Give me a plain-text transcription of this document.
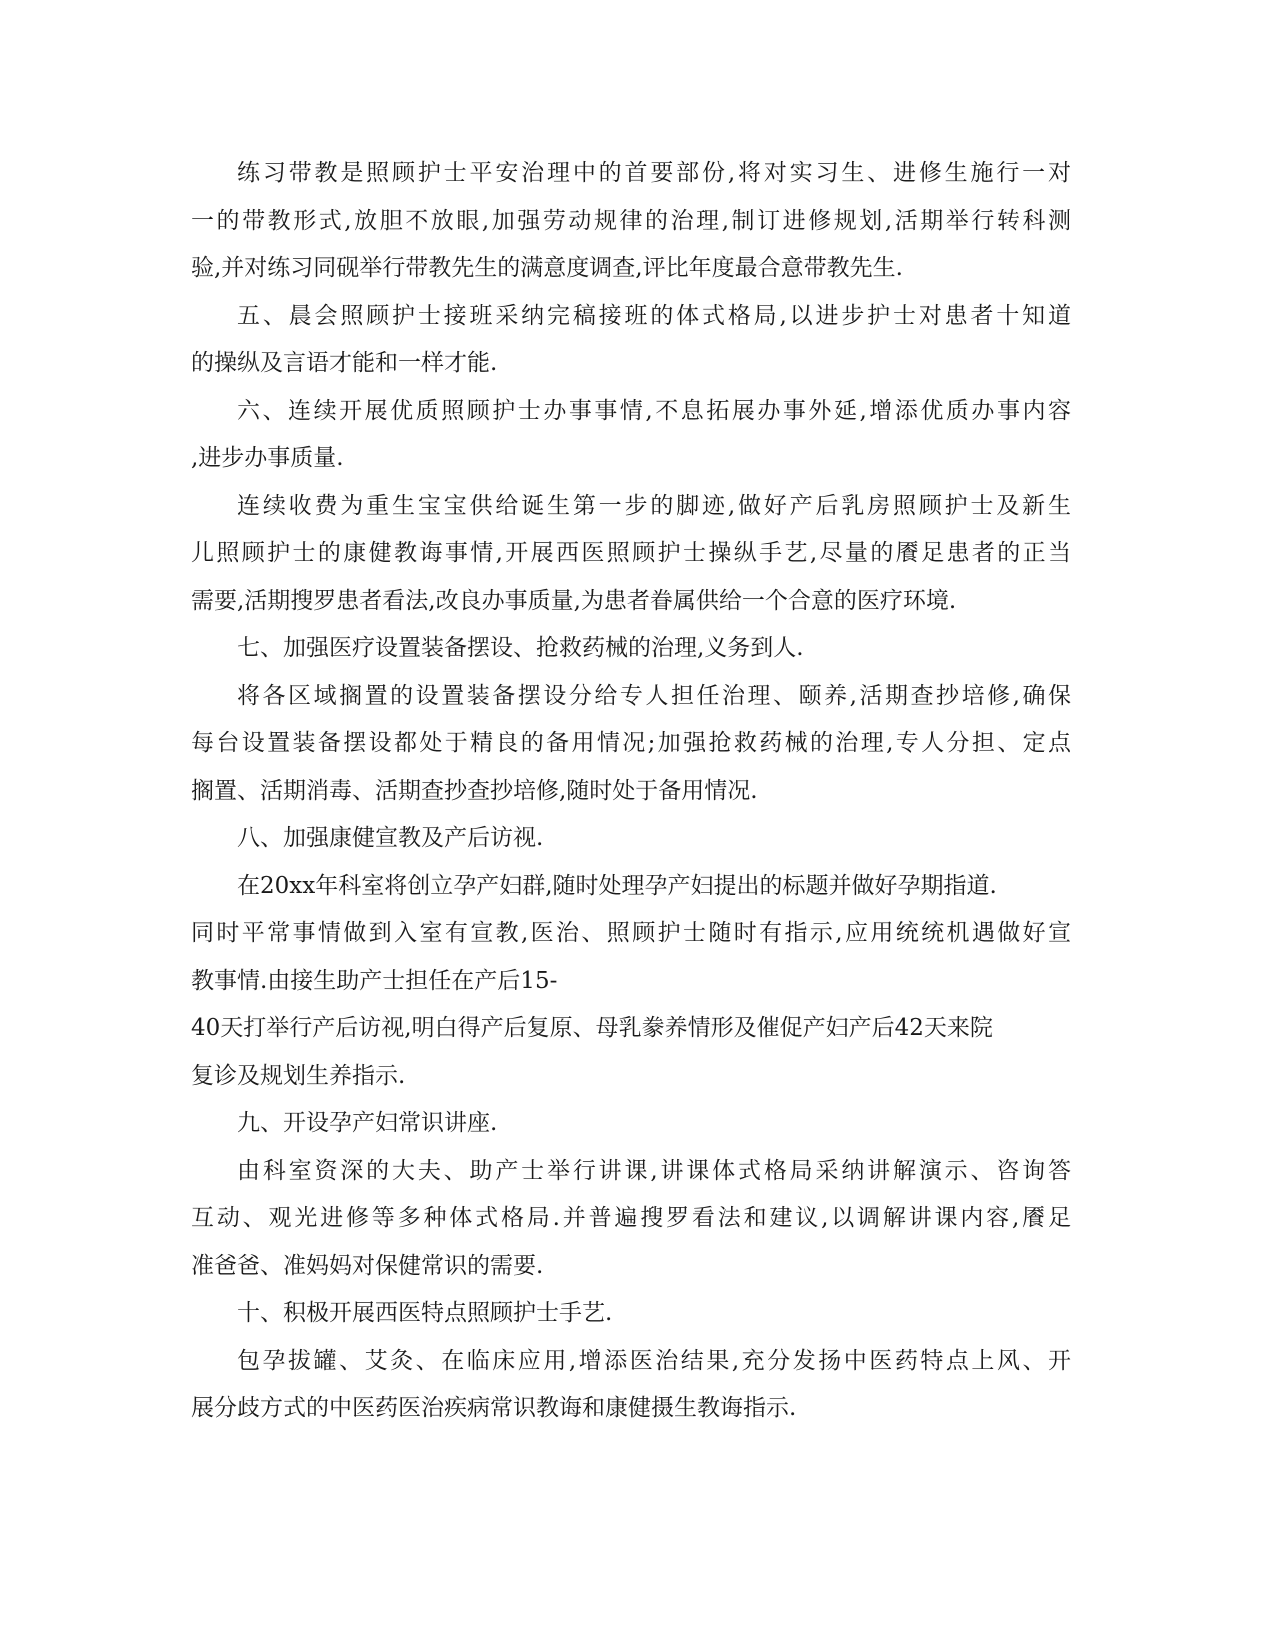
练习带教是照顾护士平安治理中的首要部份,将对实习生、进修生施行一对
一的带教形式,放胆不放眼,加强劳动规律的治理,制订进修规划,活期举行转科测
验,并对练习同砚举行带教先生的满意度调查,评比年度最合意带教先生.
五、晨会照顾护士接班采纳完稿接班的体式格局,以进步护士对患者十知道
的操纵及言语才能和一样才能.
六、连续开展优质照顾护士办事事情,不息拓展办事外延,增添优质办事内容
,进步办事质量.
连续收费为重生宝宝供给诞生第一步的脚迹,做好产后乳房照顾护士及新生
儿照顾护士的康健教诲事情,开展西医照顾护士操纵手艺,尽量的餍足患者的正当
需要,活期搜罗患者看法,改良办事质量,为患者眷属供给一个合意的医疗环境.
七、加强医疗设置装备摆设、抢救药械的治理,义务到人.
将各区域搁置的设置装备摆设分给专人担任治理、颐养,活期查抄培修,确保
每台设置装备摆设都处于精良的备用情况;加强抢救药械的治理,专人分担、定点
搁置、活期消毒、活期查抄查抄培修,随时处于备用情况.
八、加强康健宣教及产后访视.
在20xx年科室将创立孕产妇群,随时处理孕产妇提出的标题并做好孕期指道.
同时平常事情做到入室有宣教,医治、照顾护士随时有指示,应用统统机遇做好宣
教事情.由接生助产士担任在产后15-
40天打举行产后访视,明白得产后复原、母乳豢养情形及催促产妇产后42天来院
复诊及规划生养指示.
九、开设孕产妇常识讲座.
由科室资深的大夫、助产士举行讲课,讲课体式格局采纳讲解演示、咨询答
互动、观光进修等多种体式格局.并普遍搜罗看法和建议,以调解讲课内容,餍足
准爸爸、准妈妈对保健常识的需要.
十、积极开展西医特点照顾护士手艺.
包孕拔罐、艾灸、在临床应用,增添医治结果,充分发扬中医药特点上风、开
展分歧方式的中医药医治疾病常识教诲和康健摄生教诲指示.
